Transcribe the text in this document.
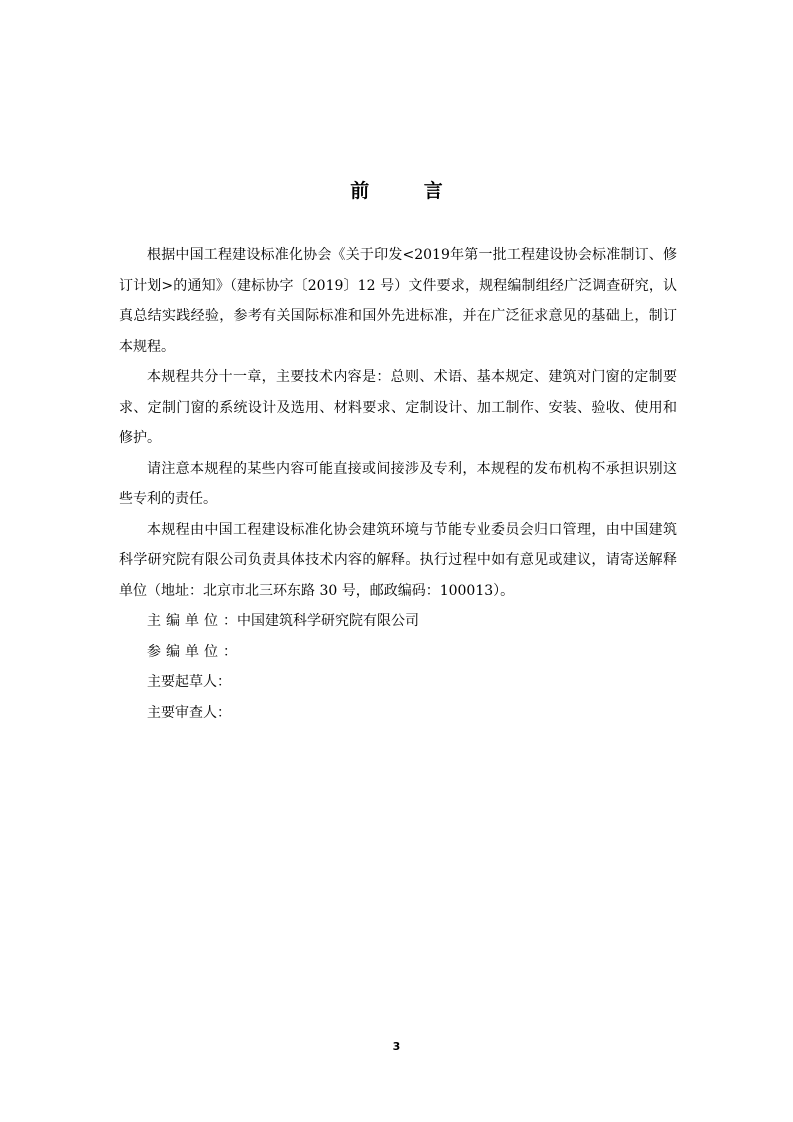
前 言

根据中国工程建设标准化协会《关于印发<2019年第一批工程建设协会标准制订、修订计划>的通知》（建标协字〔2019〕12 号）文件要求，规程编制组经广泛调查研究，认真总结实践经验，参考有关国际标准和国外先进标准，并在广泛征求意见的基础上，制订本规程。

本规程共分十一章，主要技术内容是：总则、术语、基本规定、建筑对门窗的定制要求、定制门窗的系统设计及选用、材料要求、定制设计、加工制作、安装、验收、使用和修护。

请注意本规程的某些内容可能直接或间接涉及专利，本规程的发布机构不承担识别这些专利的责任。

本规程由中国工程建设标准化协会建筑环境与节能专业委员会归口管理，由中国建筑科学研究院有限公司负责具体技术内容的解释。执行过程中如有意见或建议，请寄送解释单位（地址：北京市北三环东路 30 号，邮政编码：100013）。

主编单位：中国建筑科学研究院有限公司

参编单位：

主要起草人：

主要审查人：

3
